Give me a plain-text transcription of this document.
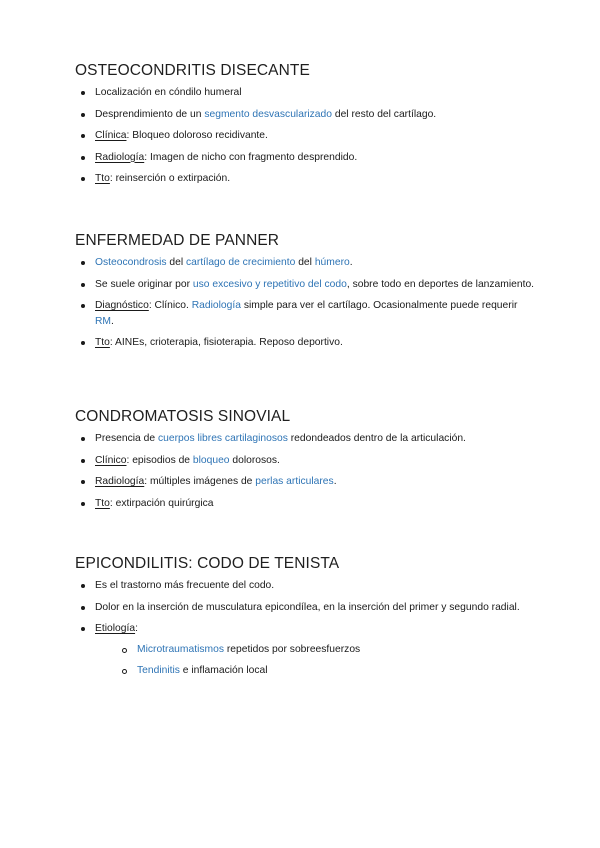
OSTEOCONDRITIS DISECANTE
Localización en cóndilo humeral
Desprendimiento de un segmento desvascularizado del resto del cartílago.
Clínica: Bloqueo doloroso recidivante.
Radiología: Imagen de nicho con fragmento desprendido.
Tto: reinserción o extirpación.
ENFERMEDAD DE PANNER
Osteocondrosis del cartílago de crecimiento del húmero.
Se suele originar por uso excesivo y repetitivo del codo, sobre todo en deportes de lanzamiento.
Diagnóstico: Clínico. Radiología simple para ver el cartílago. Ocasionalmente puede requerir RM.
Tto: AINEs, crioterapia, fisioterapia. Reposo deportivo.
CONDROMATOSIS SINOVIAL
Presencia de cuerpos libres cartilaginosos redondeados dentro de la articulación.
Clínico: episodios de bloqueo dolorosos.
Radiología: múltiples imágenes de perlas articulares.
Tto: extirpación quirúrgica
EPICONDILITIS: CODO DE TENISTA
Es el trastorno más frecuente del codo.
Dolor en la inserción de musculatura epicondílea, en la inserción del primer y segundo radial.
Etiología:
Microtraumatismos repetidos por sobreesfuerzos
Tendinitis e inflamación local
